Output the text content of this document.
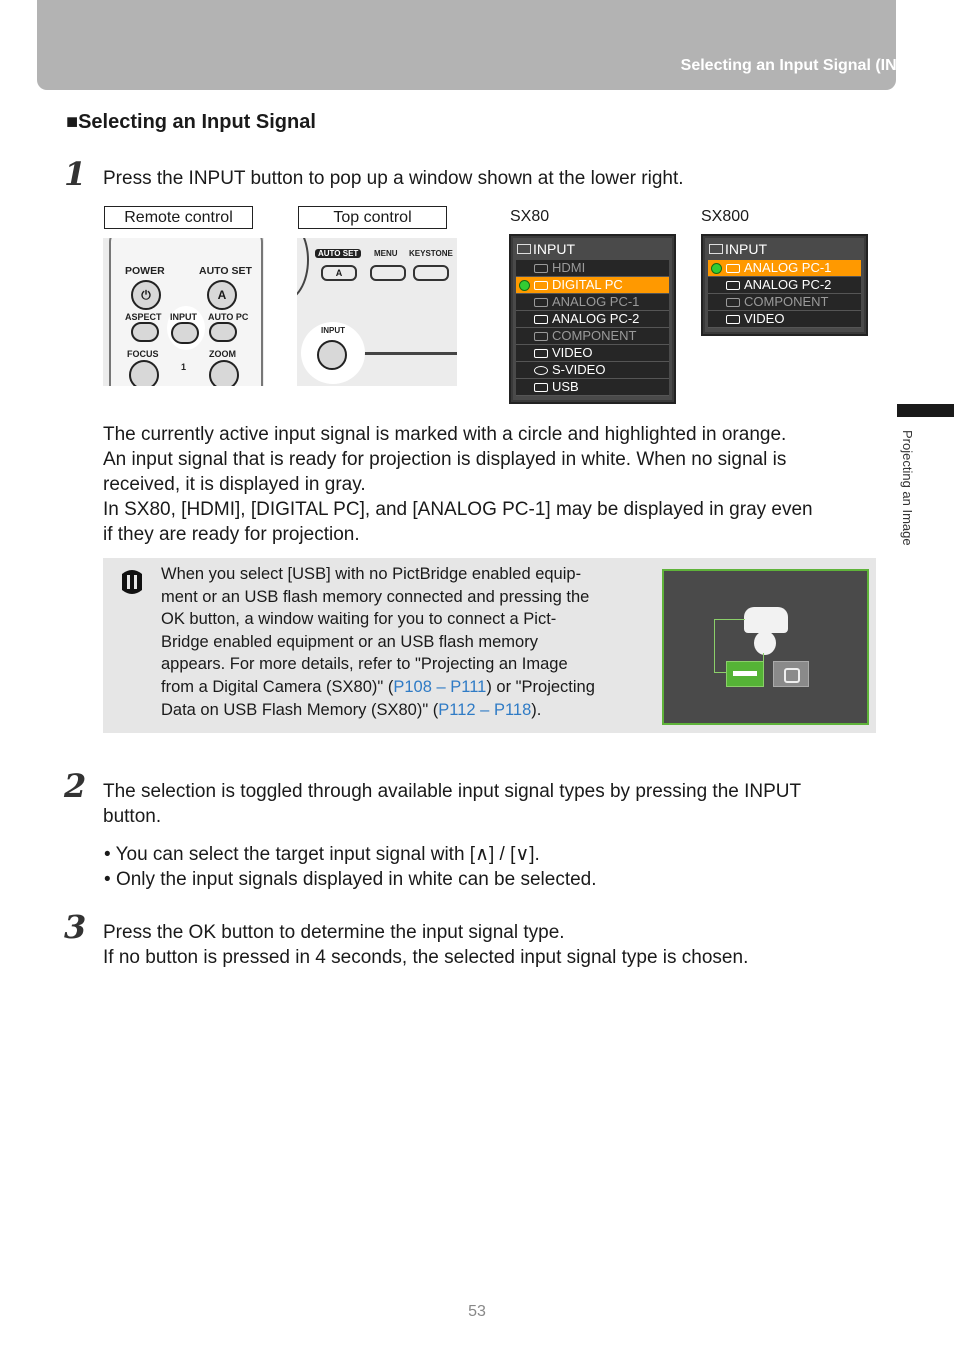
Selecting an Input Signal (INPUT)
■Selecting an Input Signal
1 Press the INPUT button to pop up a window shown at the lower right.
Remote control	Top control	SX80	SX800
POWER	AUTO SET
⏻	A
ASPECT	AUTO PC
INPUT
FOCUS	ZOOM
1
AUTO SET	MENU KEYSTONE
A
INPUT
INPUT
HDMI
DIGITAL PC
ANALOG PC-1
ANALOG PC-2
COMPONENT
VIDEO
S-VIDEO
USB
INPUT
ANALOG PC-1
ANALOG PC-2
COMPONENT
VIDEO
The currently active input signal is marked with a circle and highlighted in orange.
An input signal that is ready for projection is displayed in white. When no signal is
received, it is displayed in gray.
In SX80, [HDMI], [DIGITAL PC], and [ANALOG PC-1] may be displayed in gray even
if they are ready for projection.
When you select [USB] with no PictBridge enabled equip-
ment or an USB flash memory connected and pressing the
OK button, a window waiting for you to connect a Pict-
Bridge enabled equipment or an USB flash memory
appears. For more details, refer to "Projecting an Image
from a Digital Camera (SX80)" (P108 – P111) or "Projecting
Data on USB Flash Memory (SX80)" (P112 – P118).
2 The selection is toggled through available input signal types by pressing the INPUT
button.
• You can select the target input signal with [∧] / [∨].
• Only the input signals displayed in white can be selected.
3 Press the OK button to determine the input signal type.
If no button is pressed in 4 seconds, the selected input signal type is chosen.
Projecting an Image
53
